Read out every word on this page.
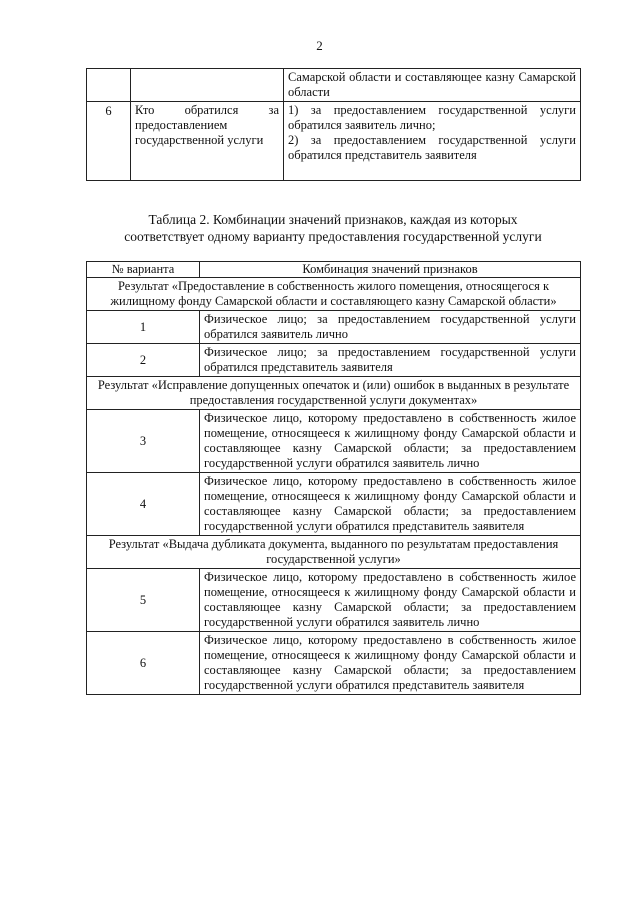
2
		Самарской области и составляющее казну Самарской области
6	Кто обратился за предоставлением государственной услуги	1) за предоставлением государственной услуги обратился заявитель лично;
2) за предоставлением государственной услуги обратился представитель заявителя
Таблица 2. Комбинации значений признаков, каждая из которых
соответствует одному варианту предоставления государственной услуги
№ варианта	Комбинация значений признаков
Результат «Предоставление в собственность жилого помещения, относящегося к жилищному фонду Самарской области и составляющего казну Самарской области»	
1	Физическое лицо; за предоставлением государственной услуги обратился заявитель лично
2	Физическое лицо; за предоставлением государственной услуги обратился представитель заявителя
Результат «Исправление допущенных опечаток и (или) ошибок в выданных в результате предоставления государственной услуги документах»	
3	Физическое лицо, которому предоставлено в собственность жилое помещение, относящееся к жилищному фонду Самарской области и составляющее казну Самарской области; за предоставлением государственной услуги обратился заявитель лично
4	Физическое лицо, которому предоставлено в собственность жилое помещение, относящееся к жилищному фонду Самарской области и составляющее казну Самарской области; за предоставлением государственной услуги обратился представитель заявителя
Результат «Выдача дубликата документа, выданного по результатам предоставления государственной услуги»	
5	Физическое лицо, которому предоставлено в собственность жилое помещение, относящееся к жилищному фонду Самарской области и составляющее казну Самарской области; за предоставлением государственной услуги обратился заявитель лично
6	Физическое лицо, которому предоставлено в собственность жилое помещение, относящееся к жилищному фонду Самарской области и составляющее казну Самарской области; за предоставлением государственной услуги обратился представитель заявителя
